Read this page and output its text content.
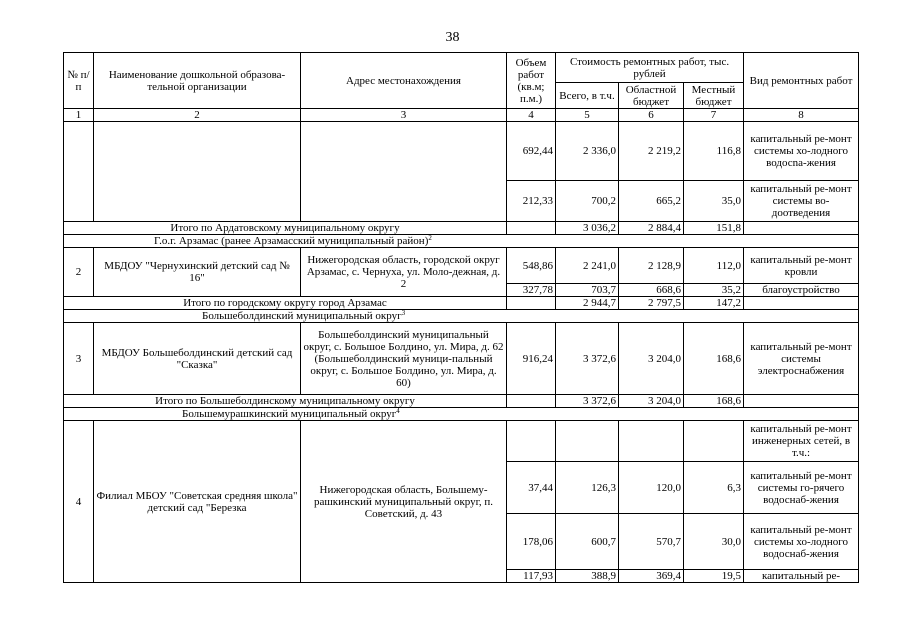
38
№ п/п	Наименование дошкольной образова-тельной организации	Адрес местонахождения	Объем работ (кв.м; п.м.)	Стоимость ремонтных работ, тыс. рублей			Вид ремонтных работ
				Всего, в т.ч.	Областной бюджет	Местный бюджет	
1	2	3	4	5	6	7	8
			692,44	2 336,0	2 219,2	116,8	капитальный ре-монт системы хо-лодного водосna-жения
			212,33	700,2	665,2	35,0	капитальный ре-монт системы во-доотведения
Итого по Ардатовскому муниципальному округу				3 036,2	2 884,4	151,8	
Г.о.г. Арзамас (ранее Арзамасский муниципальный район)$^2$
2	МБДОУ "Чернухинский детский сад № 16"	Нижегородская область, городской округ Арзамас, с. Чернуха, ул. Моло-дежная, д. 2	548,86	2 241,0	2 128,9	112,0	капитальный ре-монт кровли
			327,78	703,7	668,6	35,2	благоустройство
Итого по городскому округу город Арзамас				2 944,7	2 797,5	147,2	
Большеболдинский муниципальный округ$^3$
3	МБДОУ Большеболдинский детский сад "Сказка"	Большеболдинский муниципальный округ, с. Большое Болдино, ул. Мира, д. 62 (Большеболдинский муници-пальный округ, с. Большое Болдино, ул. Мира, д. 60)	916,24	3 372,6	3 204,0	168,6	капитальный ре-монт системы электроснабжения
Итого по Большеболдинскому муниципальному округу				3 372,6	3 204,0	168,6	
Большемурашкинский муниципальный округ$^4$
4	Филиал МБОУ "Советская средняя школа" детский сад "Березка	Нижегородская область, Большему-рашкинский муниципальный округ, п. Советский, д. 43					капитальный ре-монт инженерных сетей, в т.ч.:
			37,44	126,3	120,0	6,3	капитальный ре-монт системы го-рячего водоснаб-жения
			178,06	600,7	570,7	30,0	капитальный ре-монт системы хо-лодного водоснаб-жения
			117,93	388,9	369,4	19,5	капитальный ре-
